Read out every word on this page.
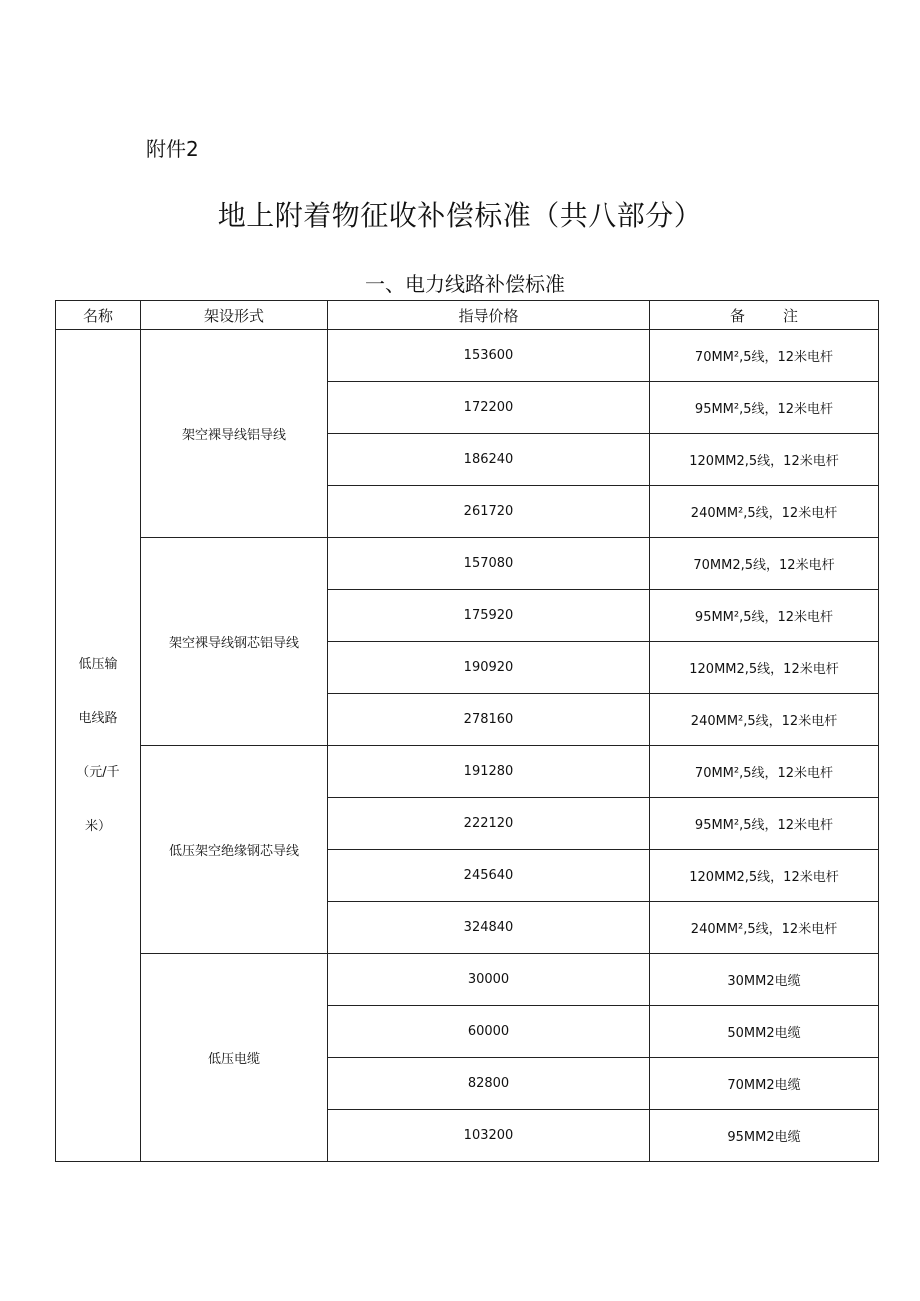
附件2
地上附着物征收补偿标准（共八部分）
一、电力线路补偿标准
名称	架设形式	指导价格	备注

低压输
电线路
（元/千
米）	架空裸导线铝导线	153600	70MM²,5线，12米电杆
		172200	95MM²,5线，12米电杆
		186240	120MM2,5线，12米电杆
		261720	240MM²,5线，12米电杆
	架空裸导线钢芯铝导线	157080	70MM2,5线，12米电杆
		175920	95MM²,5线，12米电杆
		190920	120MM2,5线，12米电杆
		278160	240MM²,5线，12米电杆
	低压架空绝缘钢芯导线	191280	70MM²,5线，12米电杆
		222120	95MM²,5线，12米电杆
		245640	120MM2,5线，12米电杆
		324840	240MM²,5线，12米电杆
	低压电缆	30000	30MM2电缆
		60000	50MM2电缆
		82800	70MM2电缆
		103200	95MM2电缆
